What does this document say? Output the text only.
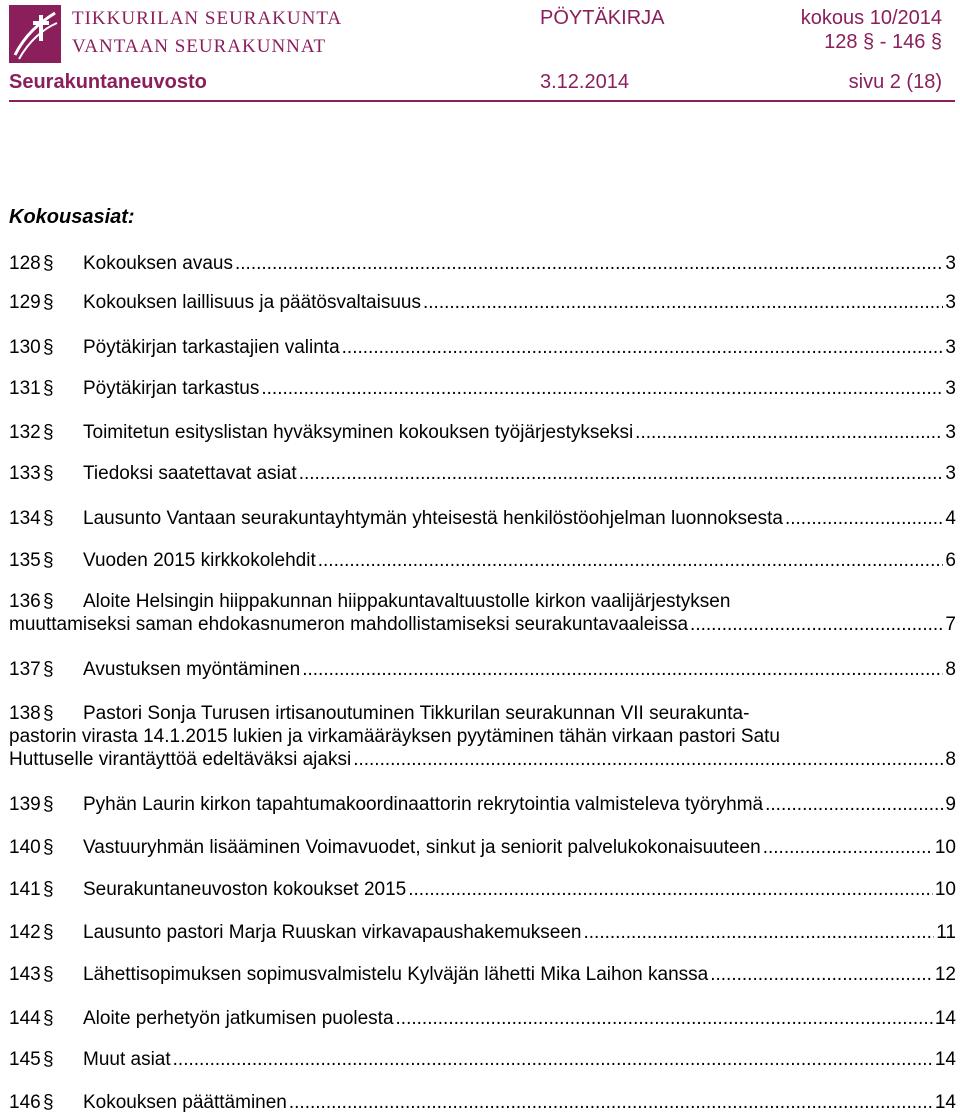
TIKKURILAN SEURAKUNTA
VANTAAN SEURAKUNNAT
PÖYTÄKIRJA	kokous 10/2014
128 § - 146 §
Seurakuntaneuvosto	3.12.2014	sivu 2 (18)
Kokousasiat:
128 §	Kokouksen avaus .....	3
129 §	Kokouksen laillisuus ja päätösvaltaisuus .....	3
130 §	Pöytäkirjan tarkastajien valinta .....	3
131 §	Pöytäkirjan tarkastus .....	3
132 §	Toimitetun esityslistan hyväksyminen kokouksen työjärjestykseksi .....	3
133 §	Tiedoksi saatettavat asiat .....	3
134 §	Lausunto Vantaan seurakuntayhtymän yhteisestä henkilöstöohjelman luonnoksesta .....	4
135 §	Vuoden 2015 kirkkokolehdit .....	6
136 §	Aloite Helsingin hiippakunnan hiippakuntavaltuustolle kirkon vaalijärjestyksen
muuttamiseksi saman ehdokasnumeron mahdollistamiseksi seurakuntavaaleissa .....	7
137 §	Avustuksen myöntäminen .....	8
138 §	Pastori Sonja Turusen irtisanoutuminen Tikkurilan seurakunnan VII seurakunta-
pastorin virasta 14.1.2015 lukien ja virkamääräyksen pyytäminen tähän virkaan pastori Satu
Huttuselle virantäyttöä edeltäväksi ajaksi .....	8
139 §	Pyhän Laurin kirkon tapahtumakoordinaattorin rekrytointia valmisteleva työryhmä .....	9
140 §	Vastuuryhmän lisääminen Voimavuodet, sinkut ja seniorit palvelukokonaisuuteen .....	10
141 §	Seurakuntaneuvoston kokoukset 2015 .....	10
142 §	Lausunto pastori Marja Ruuskan virkavapaushakemukseen .....	11
143 §	Lähettisopimuksen sopimusvalmistelu Kylväjän lähetti Mika Laihon kanssa .....	12
144 §	Aloite perhetyön jatkumisen puolesta .....	14
145 §	Muut asiat .....	14
146 §	Kokouksen päättäminen .....	14
